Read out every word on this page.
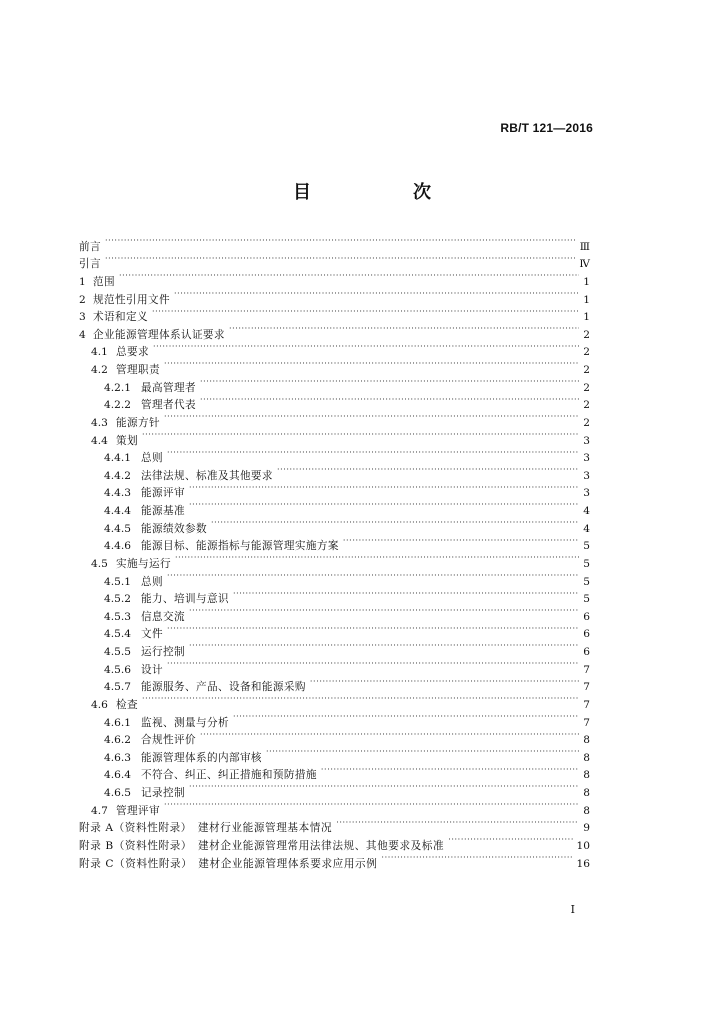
RB/T 121—2016
目　次
前言 ·····	Ⅲ
引言 ·····	Ⅳ
1 范围 ·····	1
2 规范性引用文件 ·····	1
3 术语和定义 ·····	1
4 企业能源管理体系认证要求 ·····	2
4.1 总要求 ·····	2
4.2 管理职责 ·····	2
4.2.1 最高管理者 ·····	2
4.2.2 管理者代表 ·····	2
4.3 能源方针 ·····	2
4.4 策划 ·····	3
4.4.1 总则 ·····	3
4.4.2 法律法规、标准及其他要求 ·····	3
4.4.3 能源评审 ·····	3
4.4.4 能源基准 ·····	4
4.4.5 能源绩效参数 ·····	4
4.4.6 能源目标、能源指标与能源管理实施方案 ·····	5
4.5 实施与运行 ·····	5
4.5.1 总则 ·····	5
4.5.2 能力、培训与意识 ·····	5
4.5.3 信息交流 ·····	6
4.5.4 文件 ·····	6
4.5.5 运行控制 ·····	6
4.5.6 设计 ·····	7
4.5.7 能源服务、产品、设备和能源采购 ·····	7
4.6 检查 ·····	7
4.6.1 监视、测量与分析 ·····	7
4.6.2 合规性评价 ·····	8
4.6.3 能源管理体系的内部审核 ·····	8
4.6.4 不符合、纠正、纠正措施和预防措施 ·····	8
4.6.5 记录控制 ·····	8
4.7 管理评审 ·····	8
附录 A（资料性附录）　建材行业能源管理基本情况 ·····	9
附录 B（资料性附录）　建材企业能源管理常用法律法规、其他要求及标准 ·····	10
附录 C（资料性附录）　建材企业能源管理体系要求应用示例 ·····	16
I
